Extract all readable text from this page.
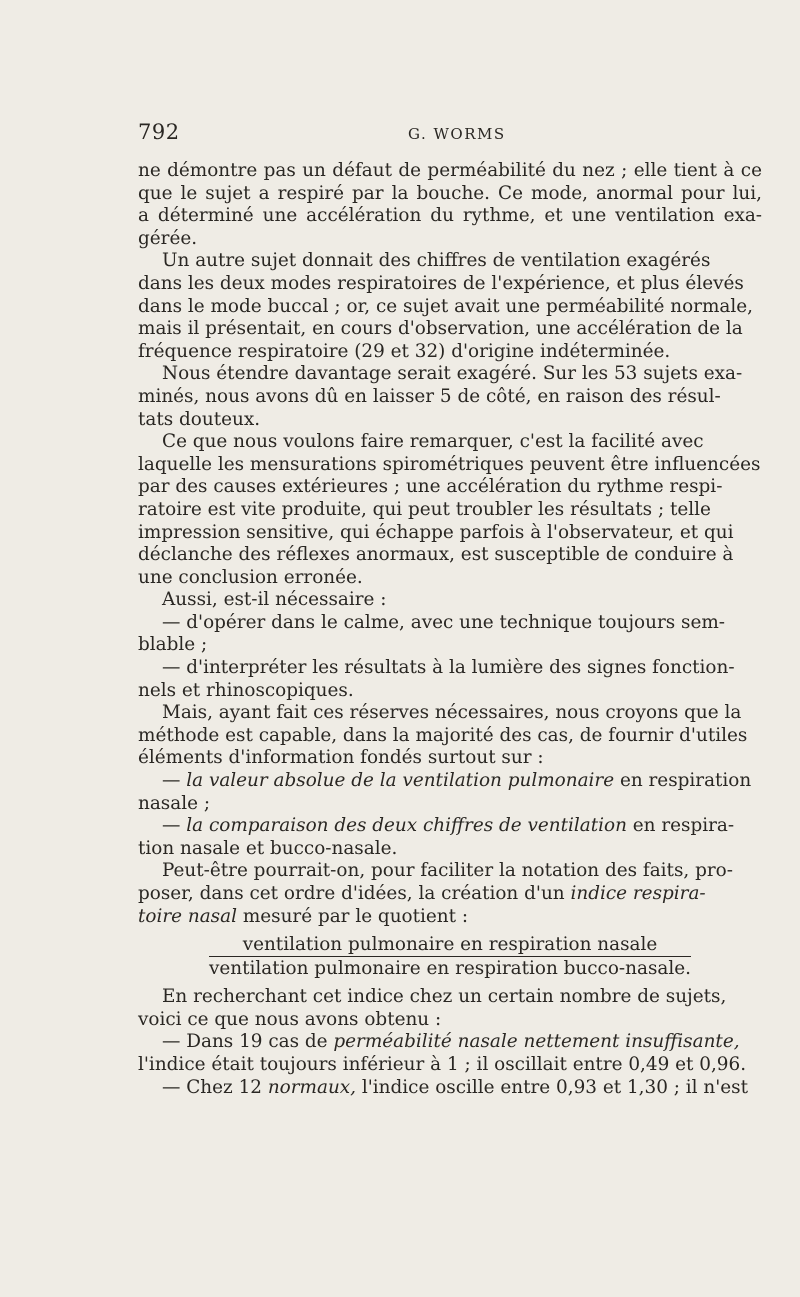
792	G. WORMS

ne démontre pas un défaut de perméabilité du nez ; elle tient à ce
que le sujet a respiré par la bouche. Ce mode, anormal pour lui,
a déterminé une accélération du rythme, et une ventilation exa-
gérée.

Un autre sujet donnait des chiffres de ventilation exagérés
dans les deux modes respiratoires de l'expérience, et plus élevés
dans le mode buccal ; or, ce sujet avait une perméabilité normale,
mais il présentait, en cours d'observation, une accélération de la
fréquence respiratoire (29 et 32) d'origine indéterminée.

Nous étendre davantage serait exagéré. Sur les 53 sujets exa-
minés, nous avons dû en laisser 5 de côté, en raison des résul-
tats douteux.

Ce que nous voulons faire remarquer, c'est la facilité avec
laquelle les mensurations spirométriques peuvent être influencées
par des causes extérieures ; une accélération du rythme respi-
ratoire est vite produite, qui peut troubler les résultats ; telle
impression sensitive, qui échappe parfois à l'observateur, et qui
déclanche des réflexes anormaux, est susceptible de conduire à
une conclusion erronée.

Aussi, est-il nécessaire :

— d'opérer dans le calme, avec une technique toujours sem-
blable ;

— d'interpréter les résultats à la lumière des signes fonction-
nels et rhinoscopiques.

Mais, ayant fait ces réserves nécessaires, nous croyons que la
méthode est capable, dans la majorité des cas, de fournir d'utiles
éléments d'information fondés surtout sur :

— la valeur absolue de la ventilation pulmonaire en respiration
nasale ;

— la comparaison des deux chiffres de ventilation en respira-
tion nasale et bucco-nasale.

Peut-être pourrait-on, pour faciliter la notation des faits, pro-
poser, dans cet ordre d'idées, la création d'un indice respira-
toire nasal mesuré par le quotient :

$\frac{\text{ventilation pulmonaire en respiration nasale}}{\text{ventilation pulmonaire en respiration bucco-nasale.}}$

En recherchant cet indice chez un certain nombre de sujets,
voici ce que nous avons obtenu :

— Dans 19 cas de perméabilité nasale nettement insuffisante,
l'indice était toujours inférieur à 1 ; il oscillait entre 0,49 et 0,96.

— Chez 12 normaux, l'indice oscille entre 0,93 et 1,30 ; il n'est
